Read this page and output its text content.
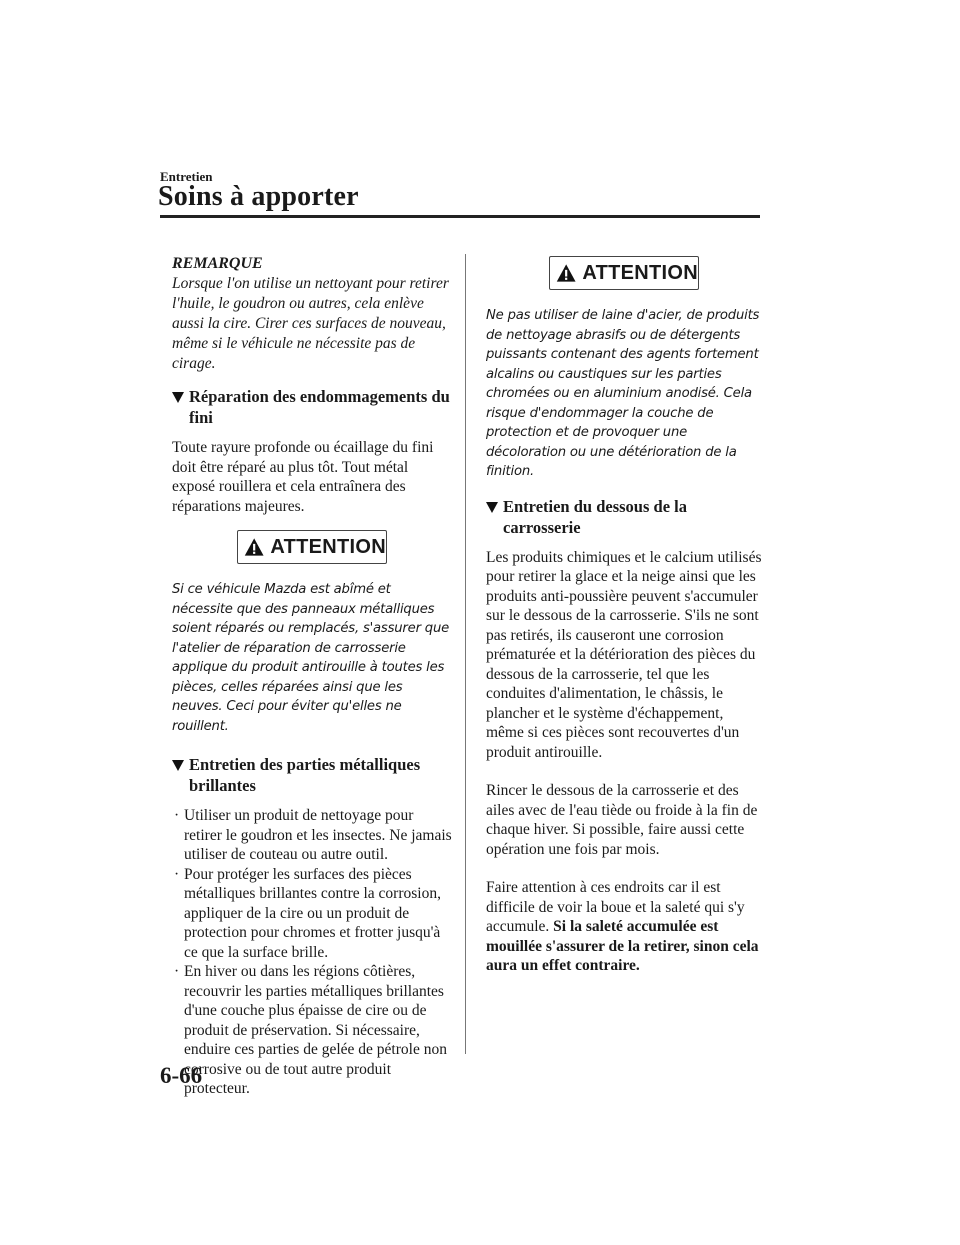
Entretien
Soins à apporter

REMARQUE

Lorsque l'on utilise un nettoyant pour retirer l'huile, le goudron ou autres, cela enlève aussi la cire. Cirer ces surfaces de nouveau, même si le véhicule ne nécessite pas de cirage.

Réparation des endommagements du fini

Toute rayure profonde ou écaillage du fini doit être réparé au plus tôt. Tout métal exposé rouillera et cela entraînera des réparations majeures.

ATTENTION

Si ce véhicule Mazda est abîmé et nécessite que des panneaux métalliques soient réparés ou remplacés, s'assurer que l'atelier de réparation de carrosserie applique du produit antirouille à toutes les pièces, celles réparées ainsi que les neuves. Ceci pour éviter qu'elles ne rouillent.

Entretien des parties métalliques brillantes
· Utiliser un produit de nettoyage pour retirer le goudron et les insectes. Ne jamais utiliser de couteau ou autre outil.
· Pour protéger les surfaces des pièces métalliques brillantes contre la corrosion, appliquer de la cire ou un produit de protection pour chromes et frotter jusqu'à ce que la surface brille.
· En hiver ou dans les régions côtières, recouvrir les parties métalliques brillantes d'une couche plus épaisse de cire ou de produit de préservation. Si nécessaire, enduire ces parties de gelée de pétrole non corrosive ou de tout autre produit protecteur.
ATTENTION

Ne pas utiliser de laine d'acier, de produits de nettoyage abrasifs ou de détergents puissants contenant des agents fortement alcalins ou caustiques sur les parties chromées ou en aluminium anodisé. Cela risque d'endommager la couche de protection et de provoquer une décoloration ou une détérioration de la finition.

Entretien du dessous de la carrosserie

Les produits chimiques et le calcium utilisés pour retirer la glace et la neige ainsi que les produits anti-poussière peuvent s'accumuler sur le dessous de la carrosserie. S'ils ne sont pas retirés, ils causeront une corrosion prématurée et la détérioration des pièces du dessous de la carrosserie, tel que les conduites d'alimentation, le châssis, le plancher et le système d'échappement, même si ces pièces sont recouvertes d'un produit antirouille.

Rincer le dessous de la carrosserie et des ailes avec de l'eau tiède ou froide à la fin de chaque hiver. Si possible, faire aussi cette opération une fois par mois.

Faire attention à ces endroits car il est difficile de voir la boue et la saleté qui s'y accumule. Si la saleté accumulée est mouillée s'assurer de la retirer, sinon cela aura un effet contraire.

6-66
